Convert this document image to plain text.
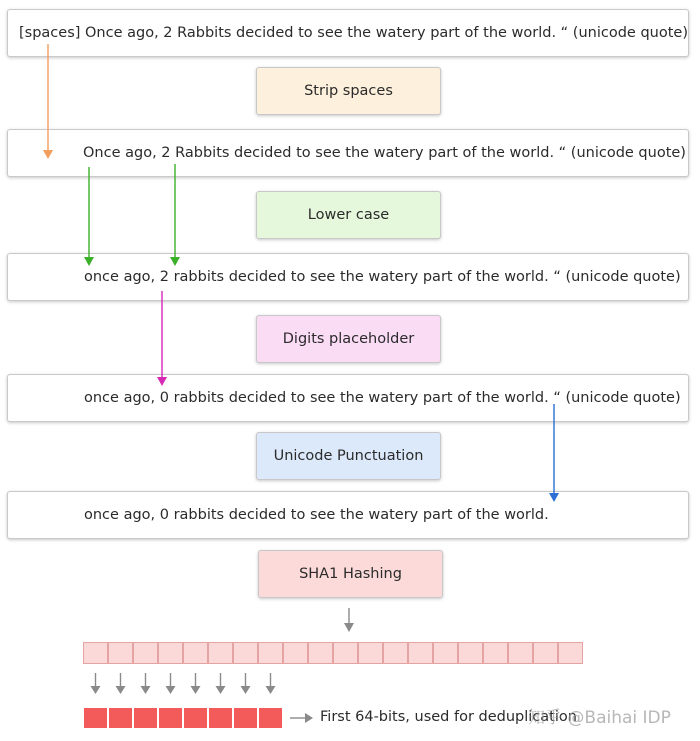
[spaces] Once ago, 2 Rabbits decided to see the watery part of the world. “ (unicode quote)
Once ago, 2 Rabbits decided to see the watery part of the world. “ (unicode quote)
once ago, 2 rabbits decided to see the watery part of the world. “ (unicode quote)
once ago, 0 rabbits decided to see the watery part of the world. “ (unicode quote)
once ago, 0 rabbits decided to see the watery part of the world.
Strip spaces
Lower case
Digits placeholder
Unicode Punctuation
SHA1 Hashing
First 64-bits, used for deduplication
知乎 @Baihai IDP
